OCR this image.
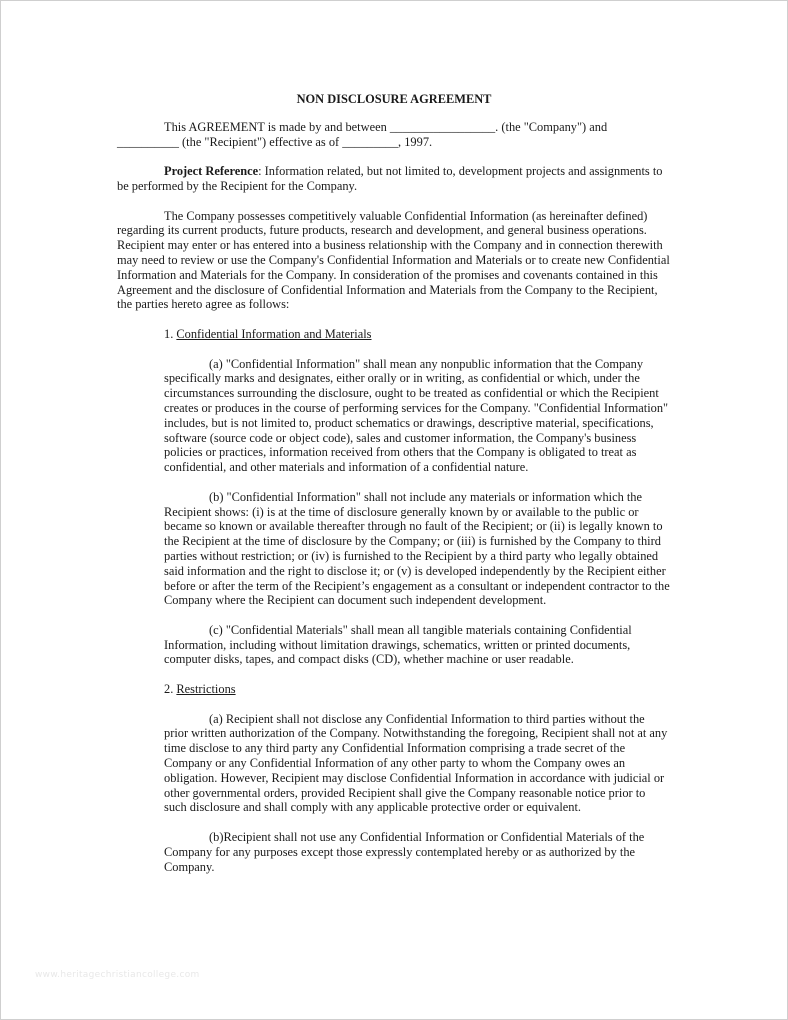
NON DISCLOSURE AGREEMENT

This AGREEMENT is made by and between _________________. (the "Company") and
__________ (the "Recipient") effective as of _________, 1997.

Project Reference: Information related, but not limited to, development projects and assignments to be performed by the Recipient for the Company.

The Company possesses competitively valuable Confidential Information (as hereinafter defined) regarding its current products, future products, research and development, and general business operations. Recipient may enter or has entered into a business relationship with the Company and in connection therewith may need to review or use the Company's Confidential Information and Materials or to create new Confidential Information and Materials for the Company. In consideration of the promises and covenants contained in this Agreement and the disclosure of Confidential Information and Materials from the Company to the Recipient, the parties hereto agree as follows:

1. Confidential Information and Materials

(a) "Confidential Information" shall mean any nonpublic information that the Company specifically marks and designates, either orally or in writing, as confidential or which, under the circumstances surrounding the disclosure, ought to be treated as confidential or which the Recipient creates or produces in the course of performing services for the Company. "Confidential Information" includes, but is not limited to, product schematics or drawings, descriptive material, specifications, software (source code or object code), sales and customer information, the Company's business policies or practices, information received from others that the Company is obligated to treat as confidential, and other materials and information of a confidential nature.

(b) "Confidential Information" shall not include any materials or information which the Recipient shows: (i) is at the time of disclosure generally known by or available to the public or became so known or available thereafter through no fault of the Recipient; or (ii) is legally known to the Recipient at the time of disclosure by the Company; or (iii) is furnished by the Company to third parties without restriction; or (iv) is furnished to the Recipient by a third party who legally obtained said information and the right to disclose it; or (v) is developed independently by the Recipient either before or after the term of the Recipient’s engagement as a consultant or independent contractor to the Company where the Recipient can document such independent development.

(c) "Confidential Materials" shall mean all tangible materials containing Confidential Information, including without limitation drawings, schematics, written or printed documents, computer disks, tapes, and compact disks (CD), whether machine or user readable.

2. Restrictions

(a) Recipient shall not disclose any Confidential Information to third parties without the prior written authorization of the Company. Notwithstanding the foregoing, Recipient shall not at any time disclose to any third party any Confidential Information comprising a trade secret of the Company or any Confidential Information of any other party to whom the Company owes an obligation. However, Recipient may disclose Confidential Information in accordance with judicial or other governmental orders, provided Recipient shall give the Company reasonable notice prior to such disclosure and shall comply with any applicable protective order or equivalent.

(b)Recipient shall not use any Confidential Information or Confidential Materials of the Company for any purposes except those expressly contemplated hereby or as authorized by the Company.

www.heritagechristiancollege.com
